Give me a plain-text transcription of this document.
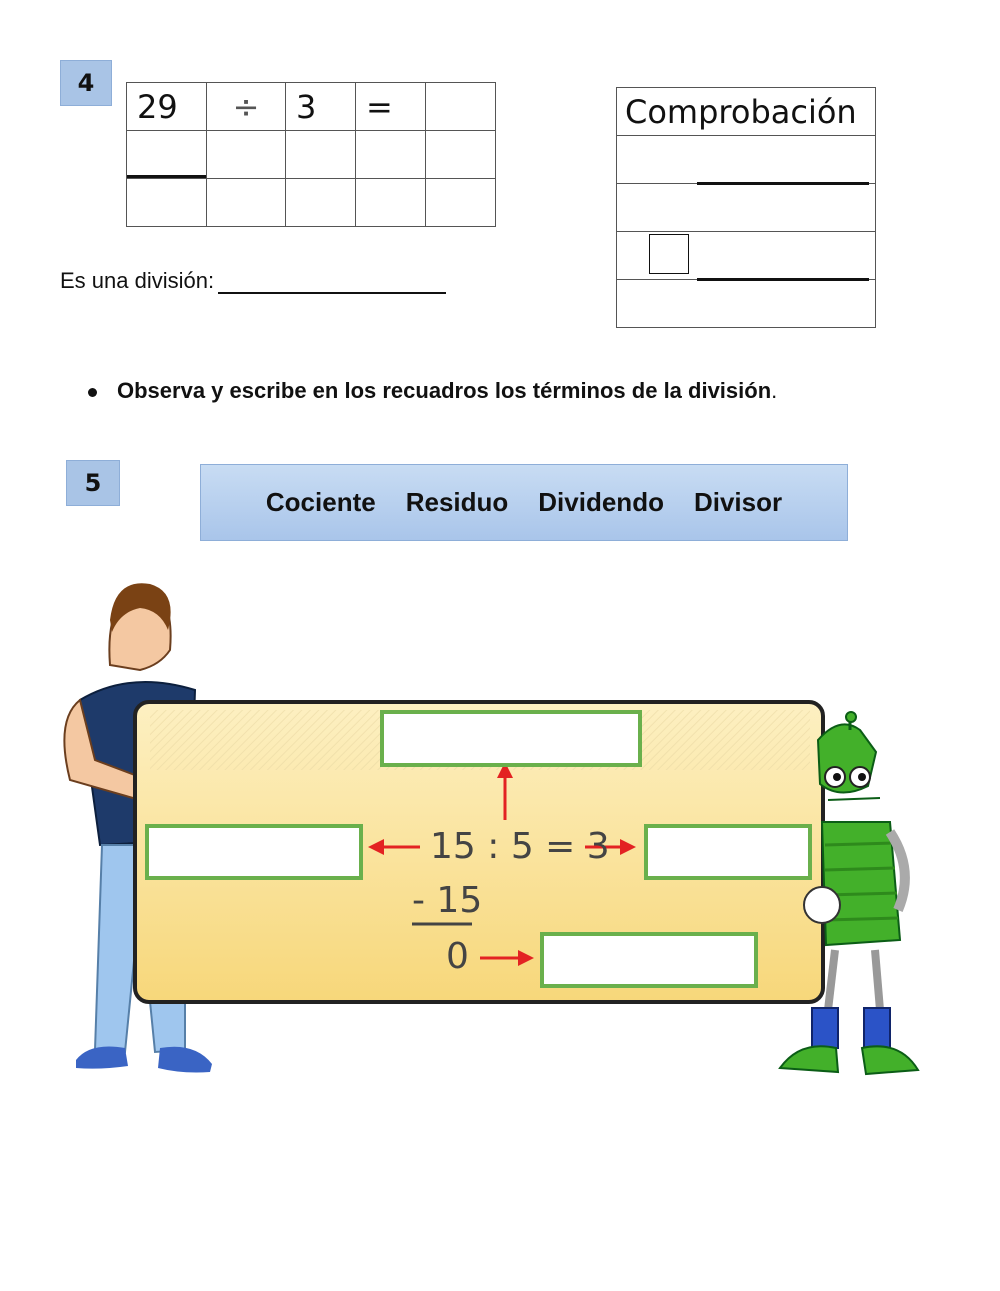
4
29	÷	3	=	

					Comprobación

Es una división:
Observa y escribe en los recuadros los términos de la división.
5
Cociente Residuo Dividendo Divisor
15 : 5 = 3
- 15
0
